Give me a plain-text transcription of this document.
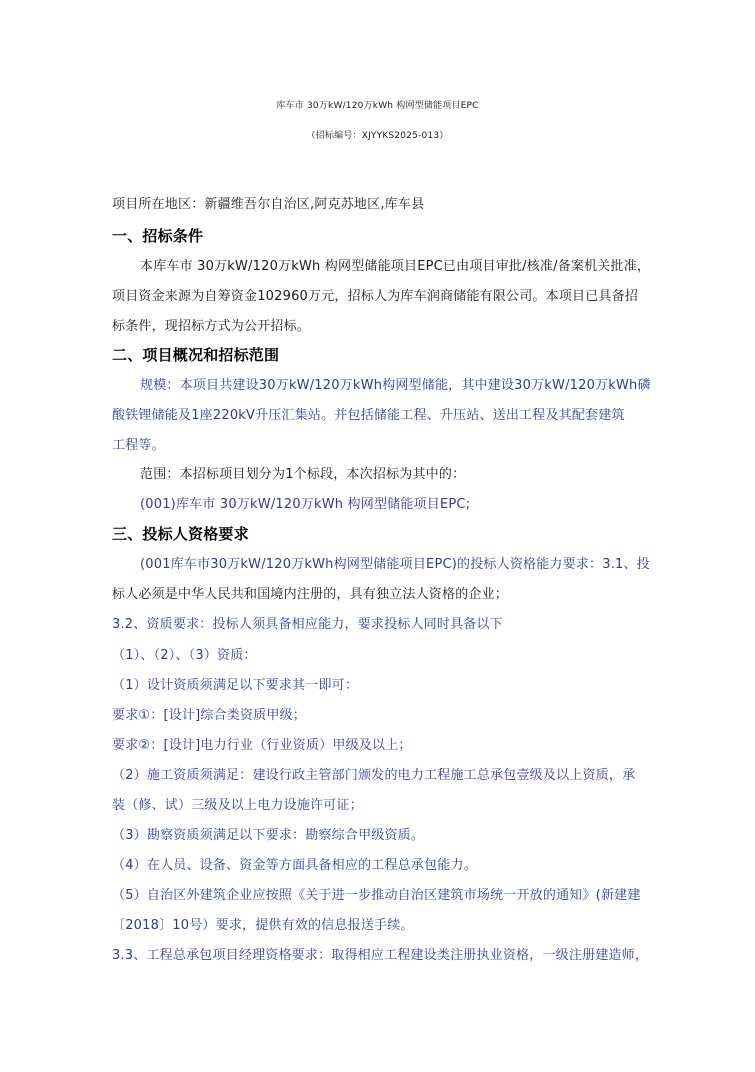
库车市 30万kW/120万kWh 构网型储能项目EPC
（招标编号：XJYYKS2025-013）
项目所在地区：新疆维吾尔自治区,阿克苏地区,库车县
一、招标条件
本库车市 30万kW/120万kWh 构网型储能项目EPC已由项目审批/核准/备案机关批准，
项目资金来源为自筹资金102960万元，招标人为库车润商储能有限公司。本项目已具备招
标条件，现招标方式为公开招标。
二、项目概况和招标范围
规模：本项目共建设30万kW/120万kWh构网型储能，其中建设30万kW/120万kWh磷
酸铁锂储能及1座220kV升压汇集站。并包括储能工程、升压站、送出工程及其配套建筑
工程等。
范围：本招标项目划分为1个标段，本次招标为其中的：
(001)库车市 30万kW/120万kWh 构网型储能项目EPC;
三、投标人资格要求
(001库车市30万kW/120万kWh构网型储能项目EPC)的投标人资格能力要求：3.1、投
标人必须是中华人民共和国境内注册的，具有独立法人资格的企业；
3.2、资质要求：投标人须具备相应能力，要求投标人同时具备以下
（1）、（2）、（3）资质：
（1）设计资质须满足以下要求其一即可：
要求①：[设计]综合类资质甲级；
要求②：[设计]电力行业（行业资质）甲级及以上；
（2）施工资质须满足：建设行政主管部门颁发的电力工程施工总承包壹级及以上资质，承
装（修、试）三级及以上电力设施许可证；
（3）勘察资质须满足以下要求：勘察综合甲级资质。
（4）在人员、设备、资金等方面具备相应的工程总承包能力。
（5）自治区外建筑企业应按照《关于进一步推动自治区建筑市场统一开放的通知》(新建建
〔2018〕10号）要求，提供有效的信息报送手续。
3.3、工程总承包项目经理资格要求：取得相应工程建设类注册执业资格，一级注册建造师，
